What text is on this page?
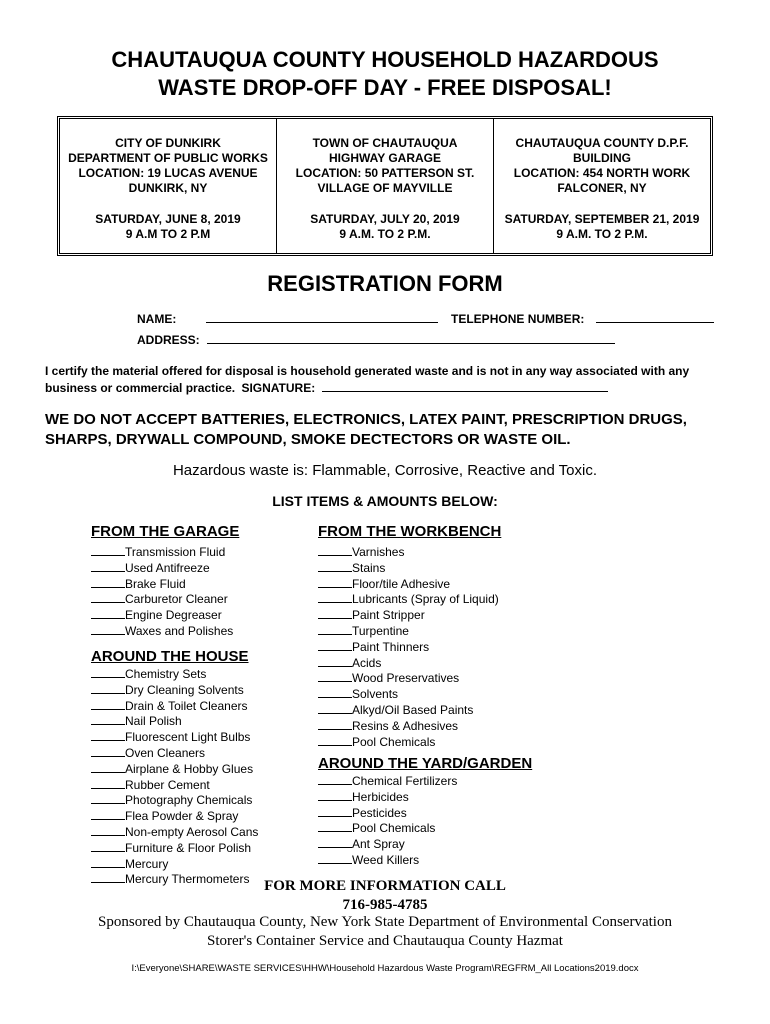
CHAUTAUQUA COUNTY HOUSEHOLD HAZARDOUS
WASTE DROP-OFF DAY - FREE DISPOSAL!
CITY OF DUNKIRK
DEPARTMENT OF PUBLIC WORKS
LOCATION: 19 LUCAS AVENUE
DUNKIRK, NY
SATURDAY, JUNE 8, 2019
9 A.M TO 2 P.M
TOWN OF CHAUTAUQUA
HIGHWAY GARAGE
LOCATION: 50 PATTERSON ST.
VILLAGE OF MAYVILLE
SATURDAY, JULY 20, 2019
9 A.M. TO 2 P.M.
CHAUTAUQUA COUNTY D.P.F.
BUILDING
LOCATION: 454 NORTH WORK
FALCONER, NY
SATURDAY, SEPTEMBER 21, 2019
9 A.M. TO 2 P.M.
REGISTRATION FORM
NAME:	TELEPHONE NUMBER:
ADDRESS:
I certify the material offered for disposal is household generated waste and is not in any way associated with any business or commercial practice. SIGNATURE:
WE DO NOT ACCEPT BATTERIES, ELECTRONICS, LATEX PAINT, PRESCRIPTION DRUGS, SHARPS, DRYWALL COMPOUND, SMOKE DECTECTORS OR WASTE OIL.
Hazardous waste is: Flammable, Corrosive, Reactive and Toxic.
LIST ITEMS & AMOUNTS BELOW:
FROM THE GARAGE
Transmission Fluid
Used Antifreeze
Brake Fluid
Carburetor Cleaner
Engine Degreaser
Waxes and Polishes
AROUND THE HOUSE
Chemistry Sets
Dry Cleaning Solvents
Drain & Toilet Cleaners
Nail Polish
Fluorescent Light Bulbs
Oven Cleaners
Airplane & Hobby Glues
Rubber Cement
Photography Chemicals
Flea Powder & Spray
Non-empty Aerosol Cans
Furniture & Floor Polish
Mercury
Mercury Thermometers
FROM THE WORKBENCH
Varnishes
Stains
Floor/tile Adhesive
Lubricants (Spray of Liquid)
Paint Stripper
Turpentine
Paint Thinners
Acids
Wood Preservatives
Solvents
Alkyd/Oil Based Paints
Resins & Adhesives
Pool Chemicals
AROUND THE YARD/GARDEN
Chemical Fertilizers
Herbicides
Pesticides
Pool Chemicals
Ant Spray
Weed Killers
FOR MORE INFORMATION CALL
716-985-4785
Sponsored by Chautauqua County, New York State Department of Environmental Conservation
Storer's Container Service and Chautauqua County Hazmat
I:\Everyone\SHARE\WASTE SERVICES\HHW\Household Hazardous Waste Program\REGFRM_All Locations2019.docx
